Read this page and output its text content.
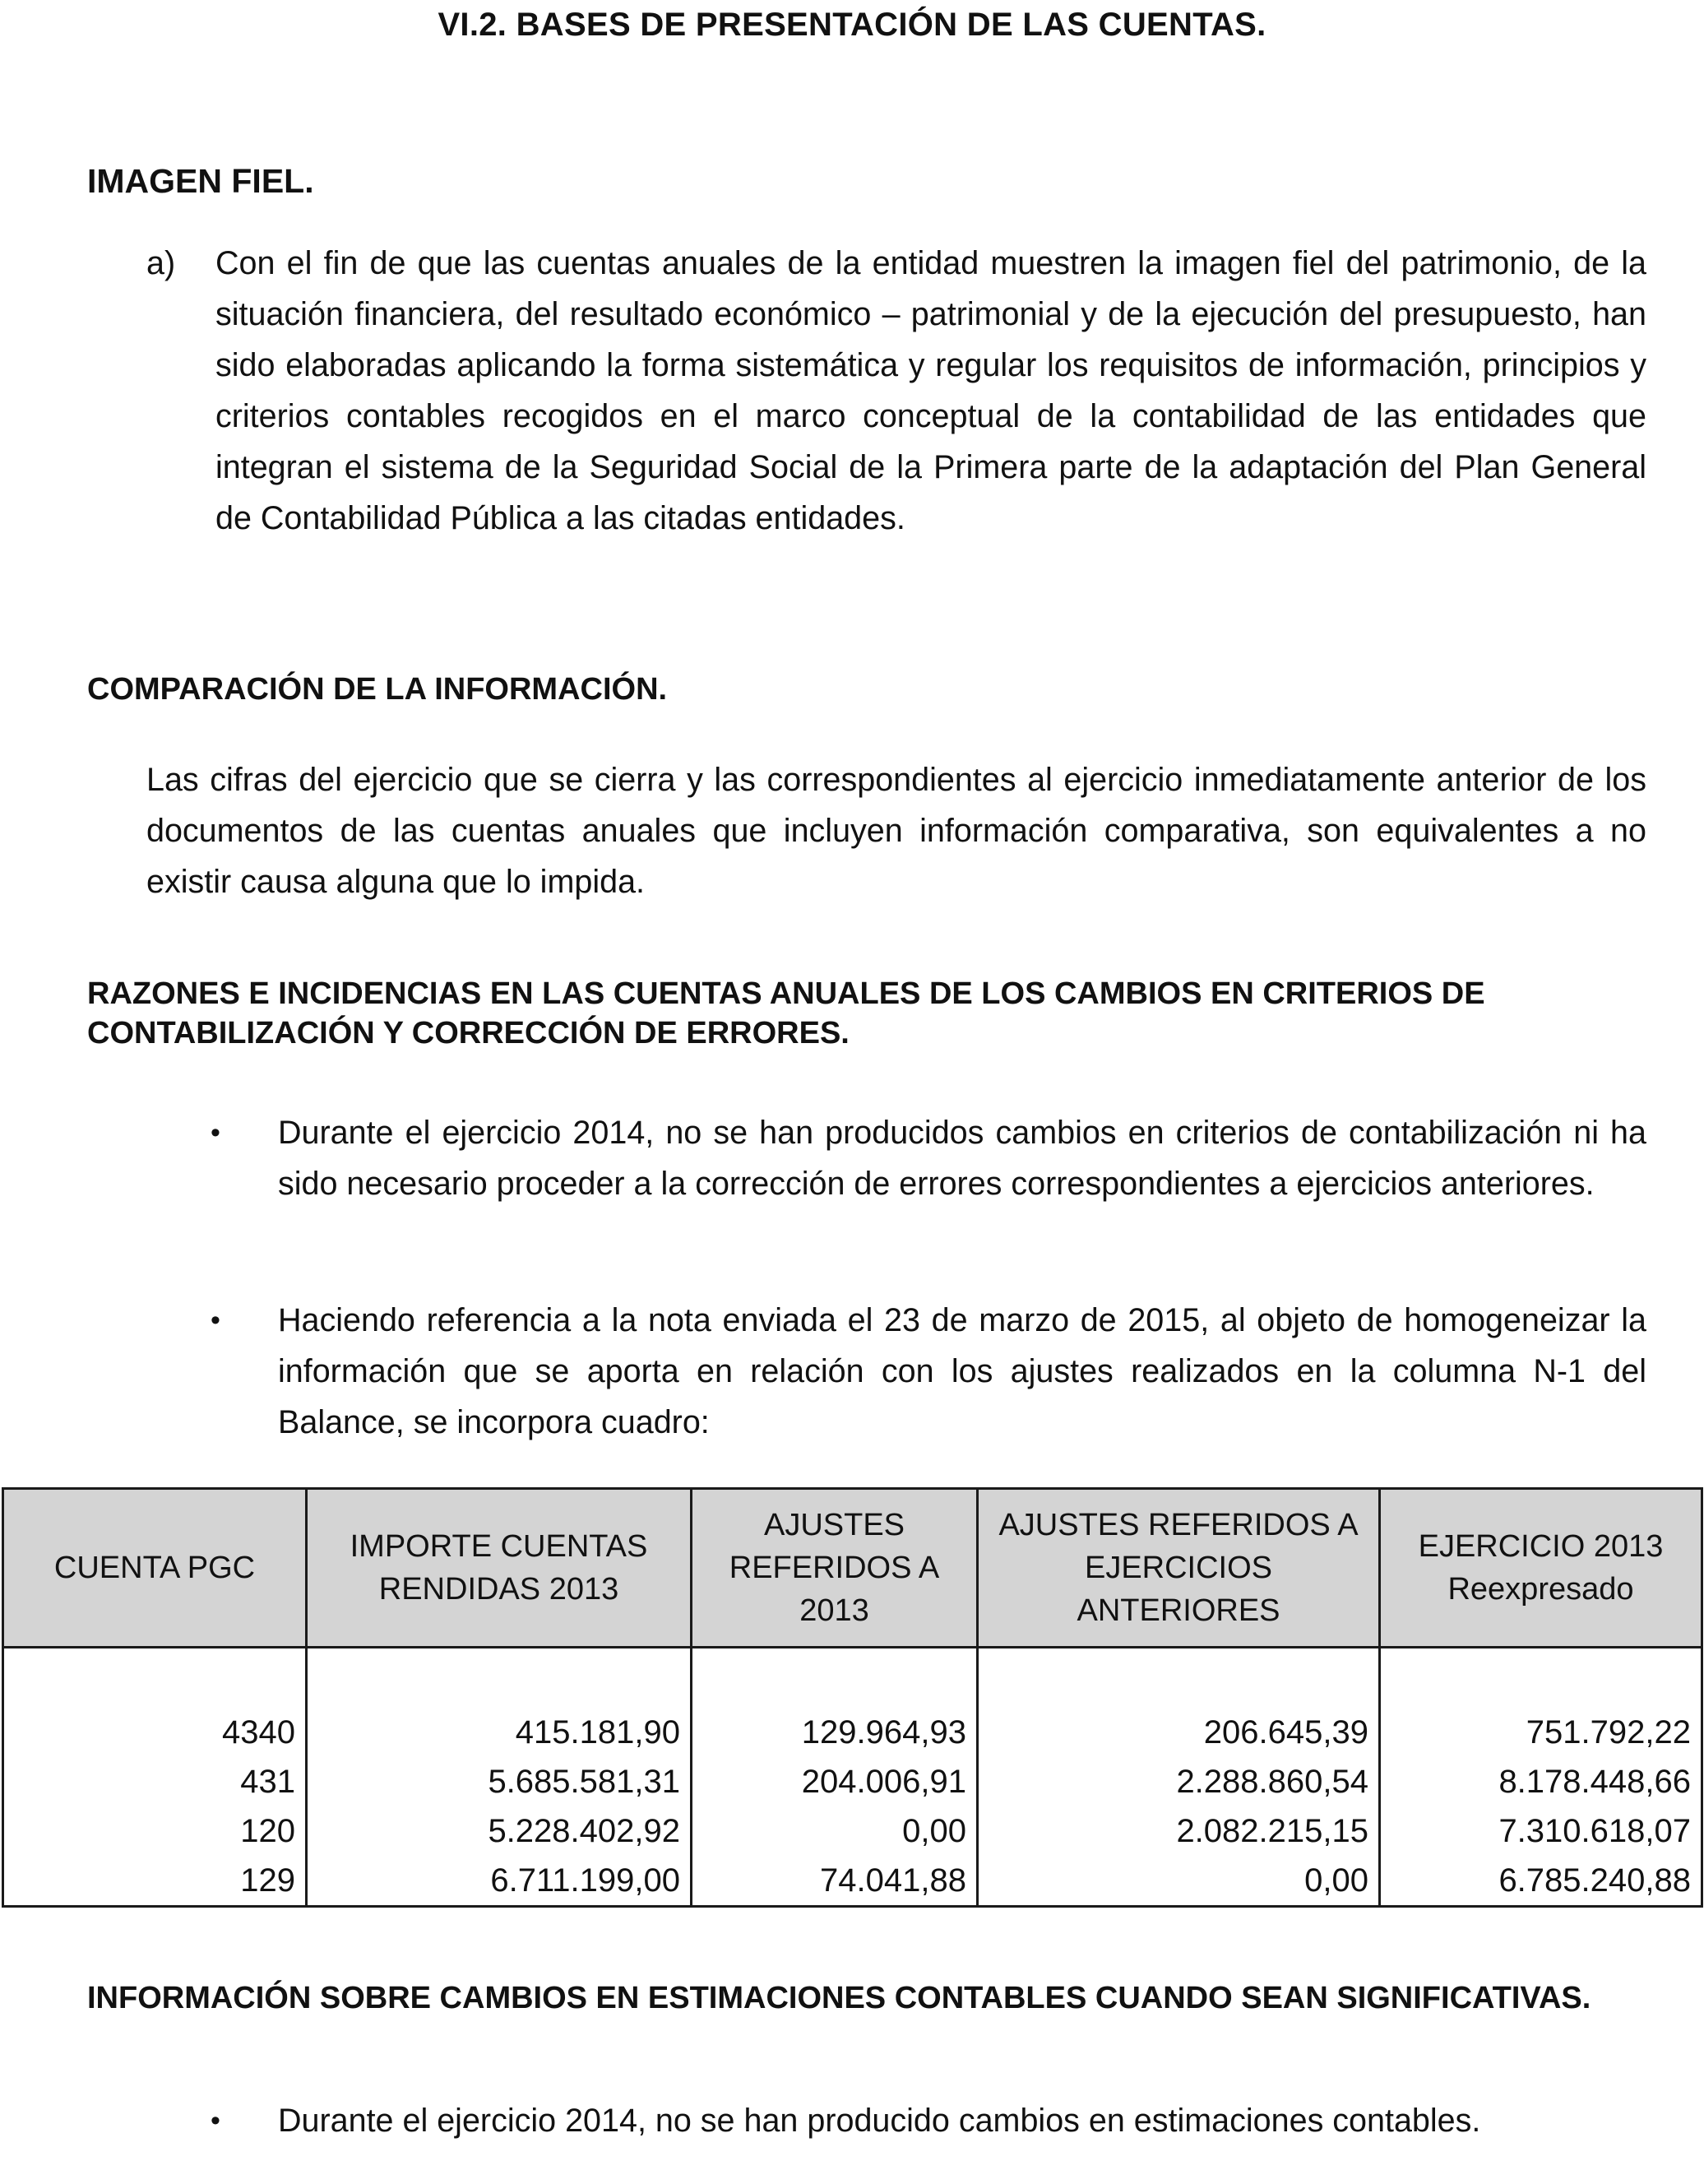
VI.2. BASES DE PRESENTACIÓN DE LAS CUENTAS.
IMAGEN FIEL.
a) Con el fin de que las cuentas anuales de la entidad muestren la imagen fiel del patrimonio, de la situación financiera, del resultado económico – patrimonial y de la ejecución del presupuesto, han sido elaboradas aplicando la forma sistemática y regular los requisitos de información, principios y criterios contables recogidos en el marco conceptual de la contabilidad de las entidades que integran el sistema de la Seguridad Social de la Primera parte de la adaptación del Plan General de Contabilidad Pública a las citadas entidades.
COMPARACIÓN DE LA INFORMACIÓN.
Las cifras del ejercicio que se cierra y las correspondientes al ejercicio inmediatamente anterior de los documentos de las cuentas anuales que incluyen información comparativa, son equivalentes a no existir causa alguna que lo impida.
RAZONES E INCIDENCIAS EN LAS CUENTAS ANUALES DE LOS CAMBIOS EN CRITERIOS DE CONTABILIZACIÓN Y CORRECCIÓN DE ERRORES.
• Durante el ejercicio 2014, no se han producidos cambios en criterios de contabilización ni ha sido necesario proceder a la corrección de errores correspondientes a ejercicios anteriores.
• Haciendo referencia a la nota enviada el 23 de marzo de 2015, al objeto de homogeneizar la información que se aporta en relación con los ajustes realizados en la columna N-1 del Balance, se incorpora cuadro:
CUENTA PGC	IMPORTE CUENTAS RENDIDAS 2013	AJUSTES REFERIDOS A 2013	AJUSTES REFERIDOS A EJERCICIOS ANTERIORES	EJERCICIO 2013 Reexpresado

4340	415.181,90	129.964,93	206.645,39	751.792,22
431	5.685.581,31	204.006,91	2.288.860,54	8.178.448,66
120	5.228.402,92	0,00	2.082.215,15	7.310.618,07
129	6.711.199,00	74.041,88	0,00	6.785.240,88
INFORMACIÓN SOBRE CAMBIOS EN ESTIMACIONES CONTABLES CUANDO SEAN SIGNIFICATIVAS.
• Durante el ejercicio 2014, no se han producido cambios en estimaciones contables.
